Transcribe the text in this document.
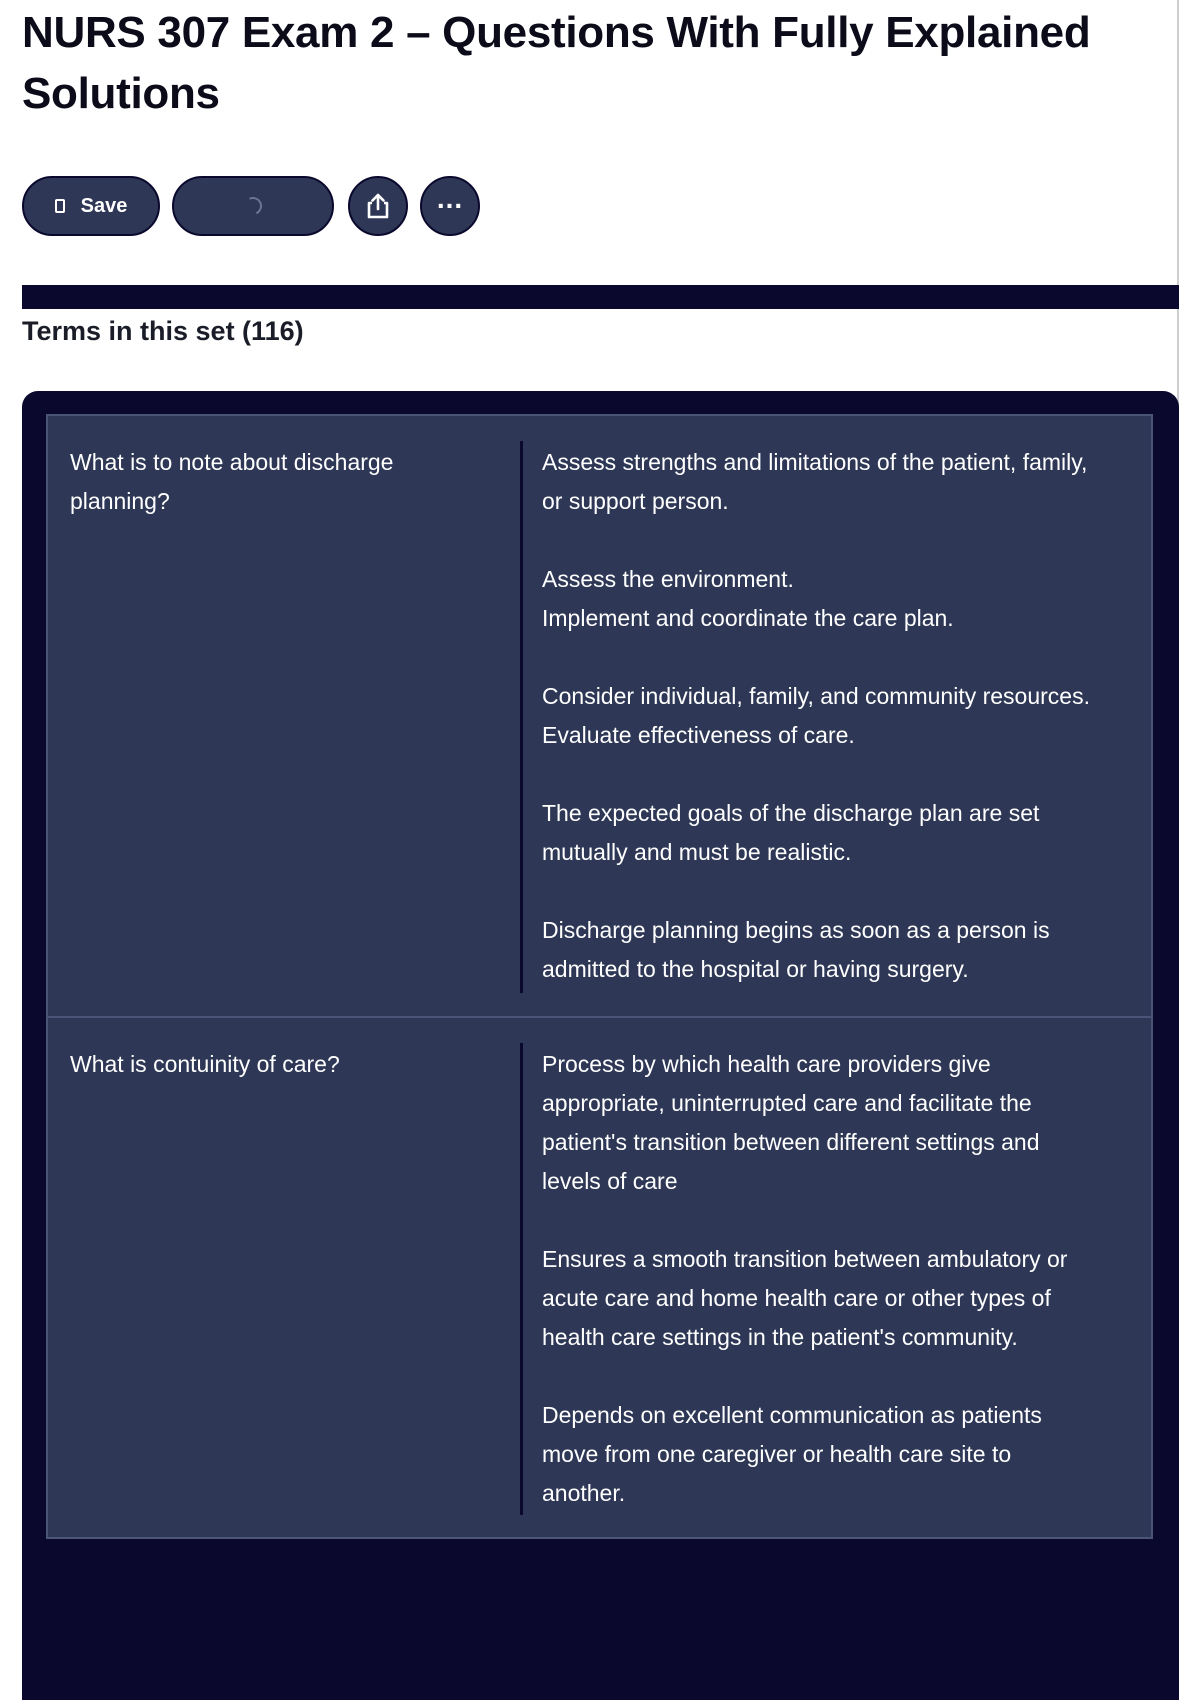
NURS 307 Exam 2 – Questions With Fully Explained
Solutions
Save	...
Terms in this set (116)

What is to note about discharge
planning?

Assess strengths and limitations of the patient, family,
or support person.

Assess the environment.
Implement and coordinate the care plan.

Consider individual, family, and community resources.
Evaluate effectiveness of care.

The expected goals of the discharge plan are set
mutually and must be realistic.

Discharge planning begins as soon as a person is
admitted to the hospital or having surgery.

What is contuinity of care?	Process by which health care providers give
appropriate, uninterrupted care and facilitate the
patient's transition between different settings and
levels of care

Ensures a smooth transition between ambulatory or
acute care and home health care or other types of
health care settings in the patient's community.

Depends on excellent communication as patients
move from one caregiver or health care site to
another.
